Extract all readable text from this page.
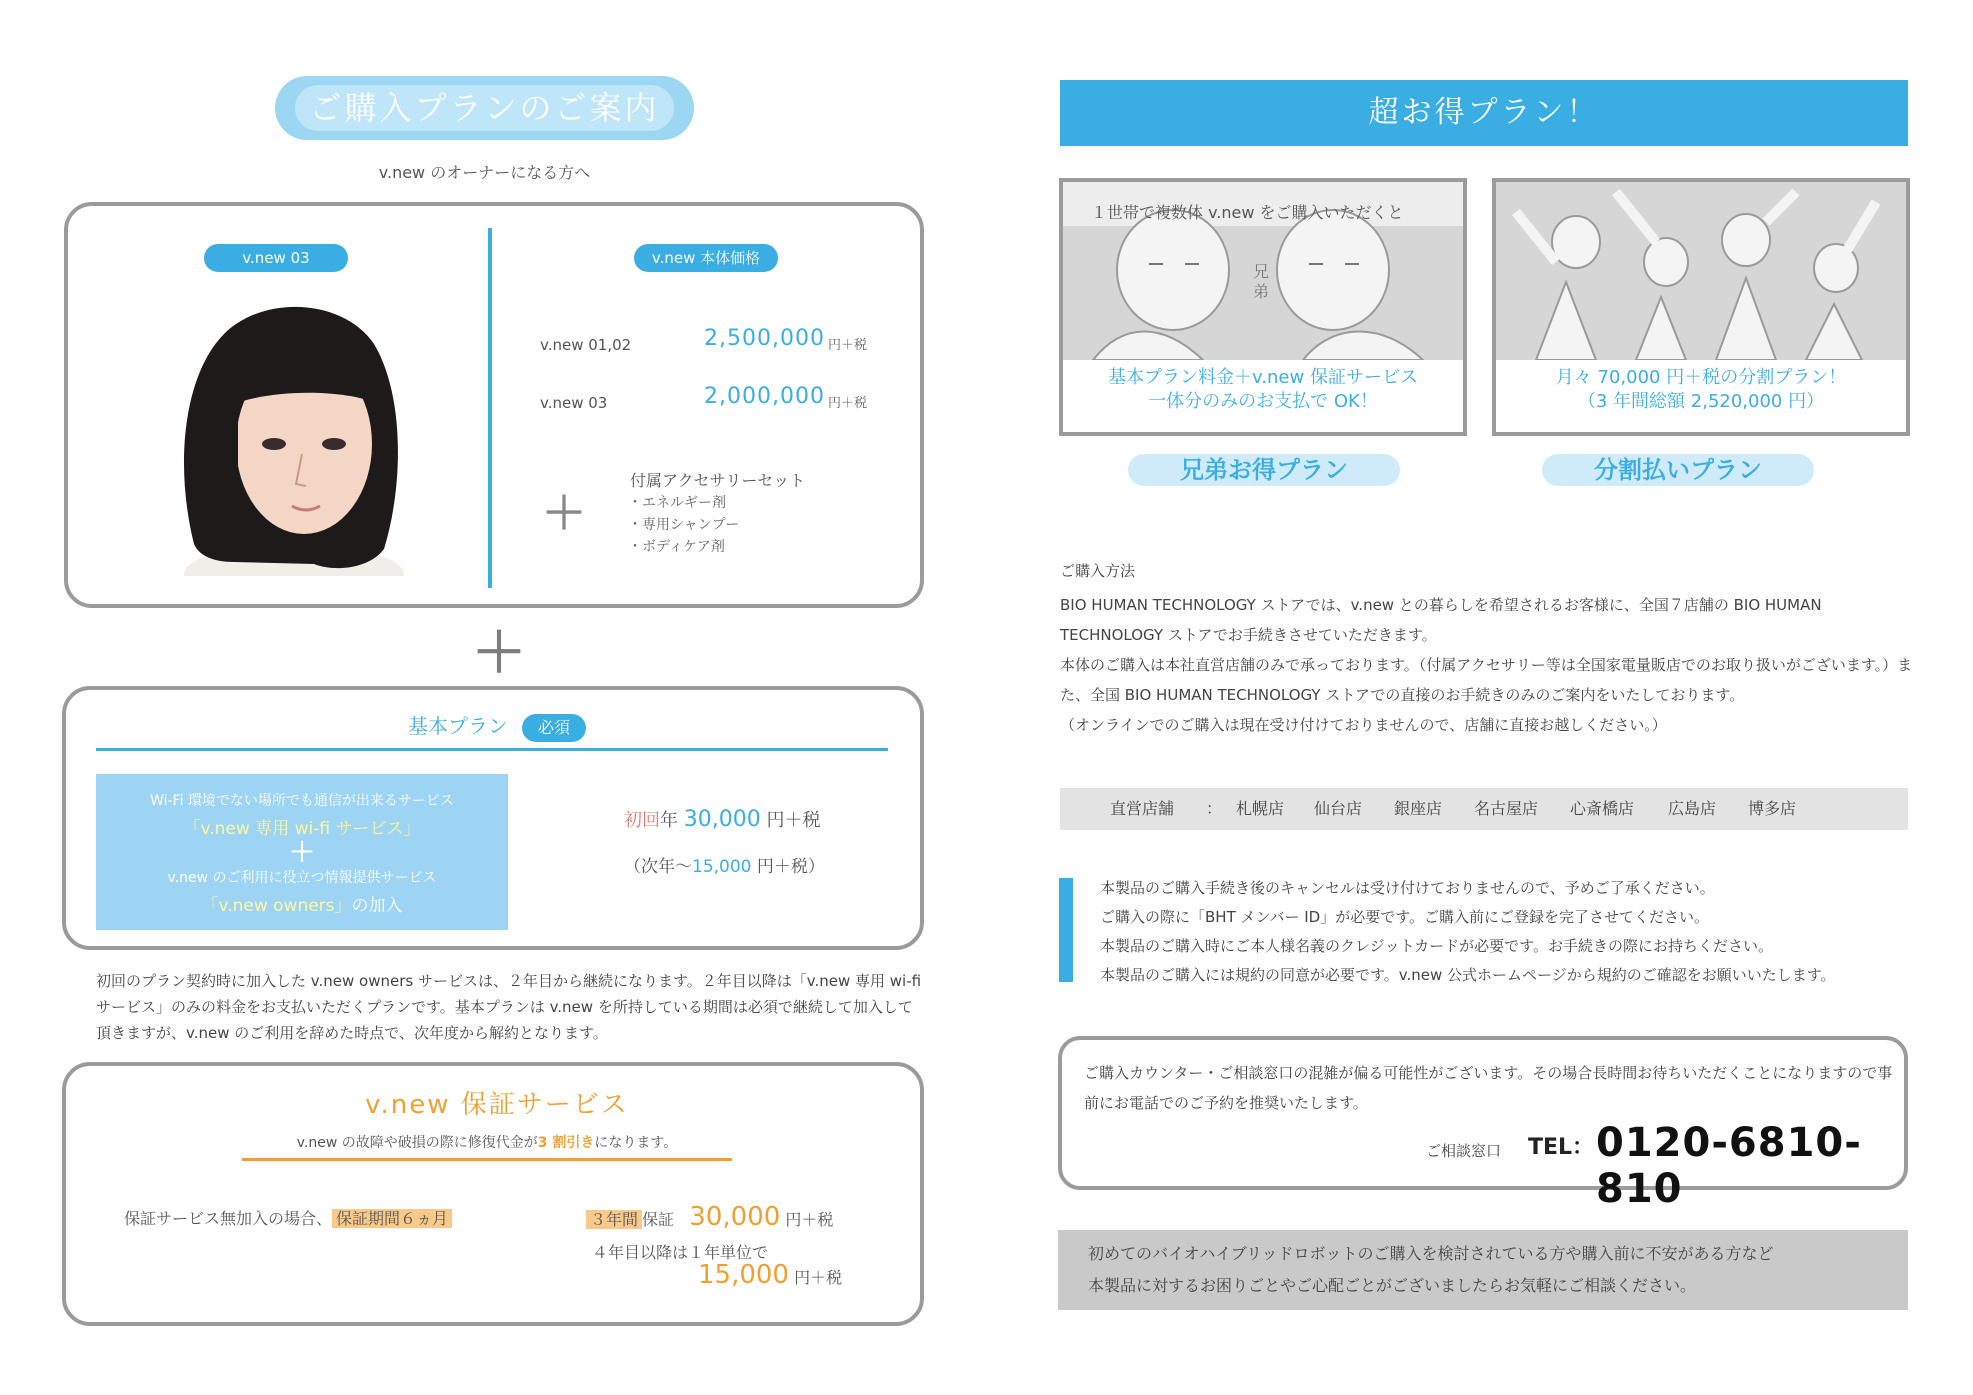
ご購入プランのご案内
v.new のオーナーになる方へ
v.new 03	v.new 本体価格
v.new 01,02	2,500,000 円＋税
v.new 03	2,000,000 円＋税
＋
付属アクセサリーセット
・エネルギー剤
・専用シャンプー
・ボディケア剤
＋
基本プラン 必須
Wi-Fi 環境でない場所でも通信が出来るサービス
「v.new 専用 wi-fi サービス」
＋
v.new のご利用に役立つ情報提供サービス
「v.new owners」の加入
初回年 30,000 円＋税
（次年～15,000 円＋税）
初回のプラン契約時に加入した v.new owners サービスは、２年目から継続になります。２年目以降は「v.new 専用 wi-fi サービス」のみの料金をお支払いただくプランです。基本プランは v.new を所持している期間は必須で継続して加入して頂きますが、v.new のご利用を辞めた時点で、次年度から解約となります。
v.new 保証サービス
v.new の故障や破損の際に修復代金が3 割引きになります。
保証サービス無加入の場合、 保証期間６ヵ月	３年間 保証 30,000 円＋税
４年目以降は１年単位で
15,000 円＋税
超お得プラン！
１世帯で複数体 v.new をご購入いただくと
兄弟
基本プラン料金＋v.new 保証サービス
一体分のみのお支払で OK！
月々 70,000 円＋税の分割プラン！
（3 年間総額 2,520,000 円）
兄弟お得プラン	分割払いプラン
ご購入方法
BIO HUMAN TECHNOLOGY ストアでは、v.new との暮らしを希望されるお客様に、全国７店舗の BIO HUMAN TECHNOLOGY ストアでお手続きさせていただきます。
本体のご購入は本社直営店舗のみで承っております。（付属アクセサリー等は全国家電量販店でのお取り扱いがございます。）また、全国 BIO HUMAN TECHNOLOGY ストアでの直接のお手続きのみのご案内をいたしております。
（オンラインでのご購入は現在受け付けておりませんので、店舗に直接お越しください。）
直営店舗 ： 札幌店 仙台店 銀座店 名古屋店 心斎橋店 広島店 博多店
本製品のご購入手続き後のキャンセルは受け付けておりませんので、予めご了承ください。
ご購入の際に「BHT メンバー ID」が必要です。ご購入前にご登録を完了させてください。
本製品のご購入時にご本人様名義のクレジットカードが必要です。お手続きの際にお持ちください。
本製品のご購入には規約の同意が必要です。v.new 公式ホームページから規約のご確認をお願いいたします。
ご購入カウンター・ご相談窓口の混雑が偏る可能性がございます。その場合長時間お待ちいただくことになりますので事前にお電話でのご予約を推奨いたします。
ご相談窓口 TEL： 0120-6810-810
初めてのバイオハイブリッドロボットのご購入を検討されている方や購入前に不安がある方など
本製品に対するお困りごとやご心配ごとがございましたらお気軽にご相談ください。
